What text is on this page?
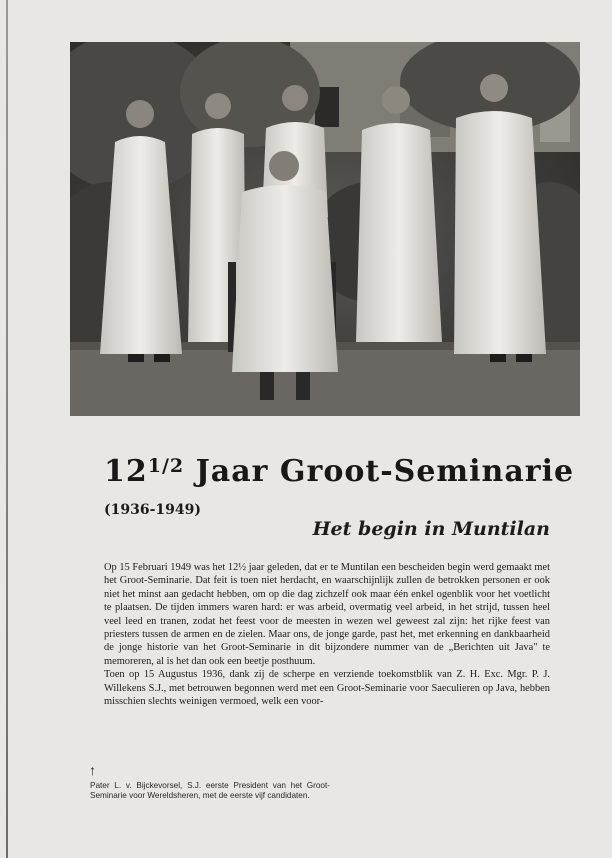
$12^{1/2}$ Jaar Groot-Seminarie
(1936-1949)
Het begin in Muntilan

Op 15 Februari 1949 was het 12½ jaar geleden, dat er te Muntilan een bescheiden begin werd gemaakt met het Groot-Seminarie. Dat feit is toen niet herdacht, en waarschijnlijk zullen de betrokken personen er ook niet het minst aan gedacht hebben, om op die dag zichzelf ook maar één enkel ogenblik voor het voetlicht te plaatsen. De tijden immers waren hard: er was arbeid, overmatig veel arbeid, in het strijd, tussen heel veel leed en tranen, zodat het feest voor de meesten in wezen wel geweest zal zijn: het rijke feest van priesters tussen de armen en de zielen. Maar ons, de jonge garde, past het, met erkenning en dankbaarheid de jonge historie van het Groot-Seminarie in dit bijzondere nummer van de „Berichten uit Java" te memoreren, al is het dan ook een beetje posthuum.

Toen op 15 Augustus 1936, dank zij de scherpe en verziende toekomstblik van Z. H. Exc. Mgr. P. J. Willekens S.J., met betrouwen begonnen werd met een Groot-Seminarie voor Saeculieren op Java, hebben misschien slechts weinigen vermoed, welk een voor-

↑
Pater L. v. Bijckevorsel, S.J. eerste President van het Groot-Seminarie voor Wereldsheren, met de eerste vijf candidaten.
